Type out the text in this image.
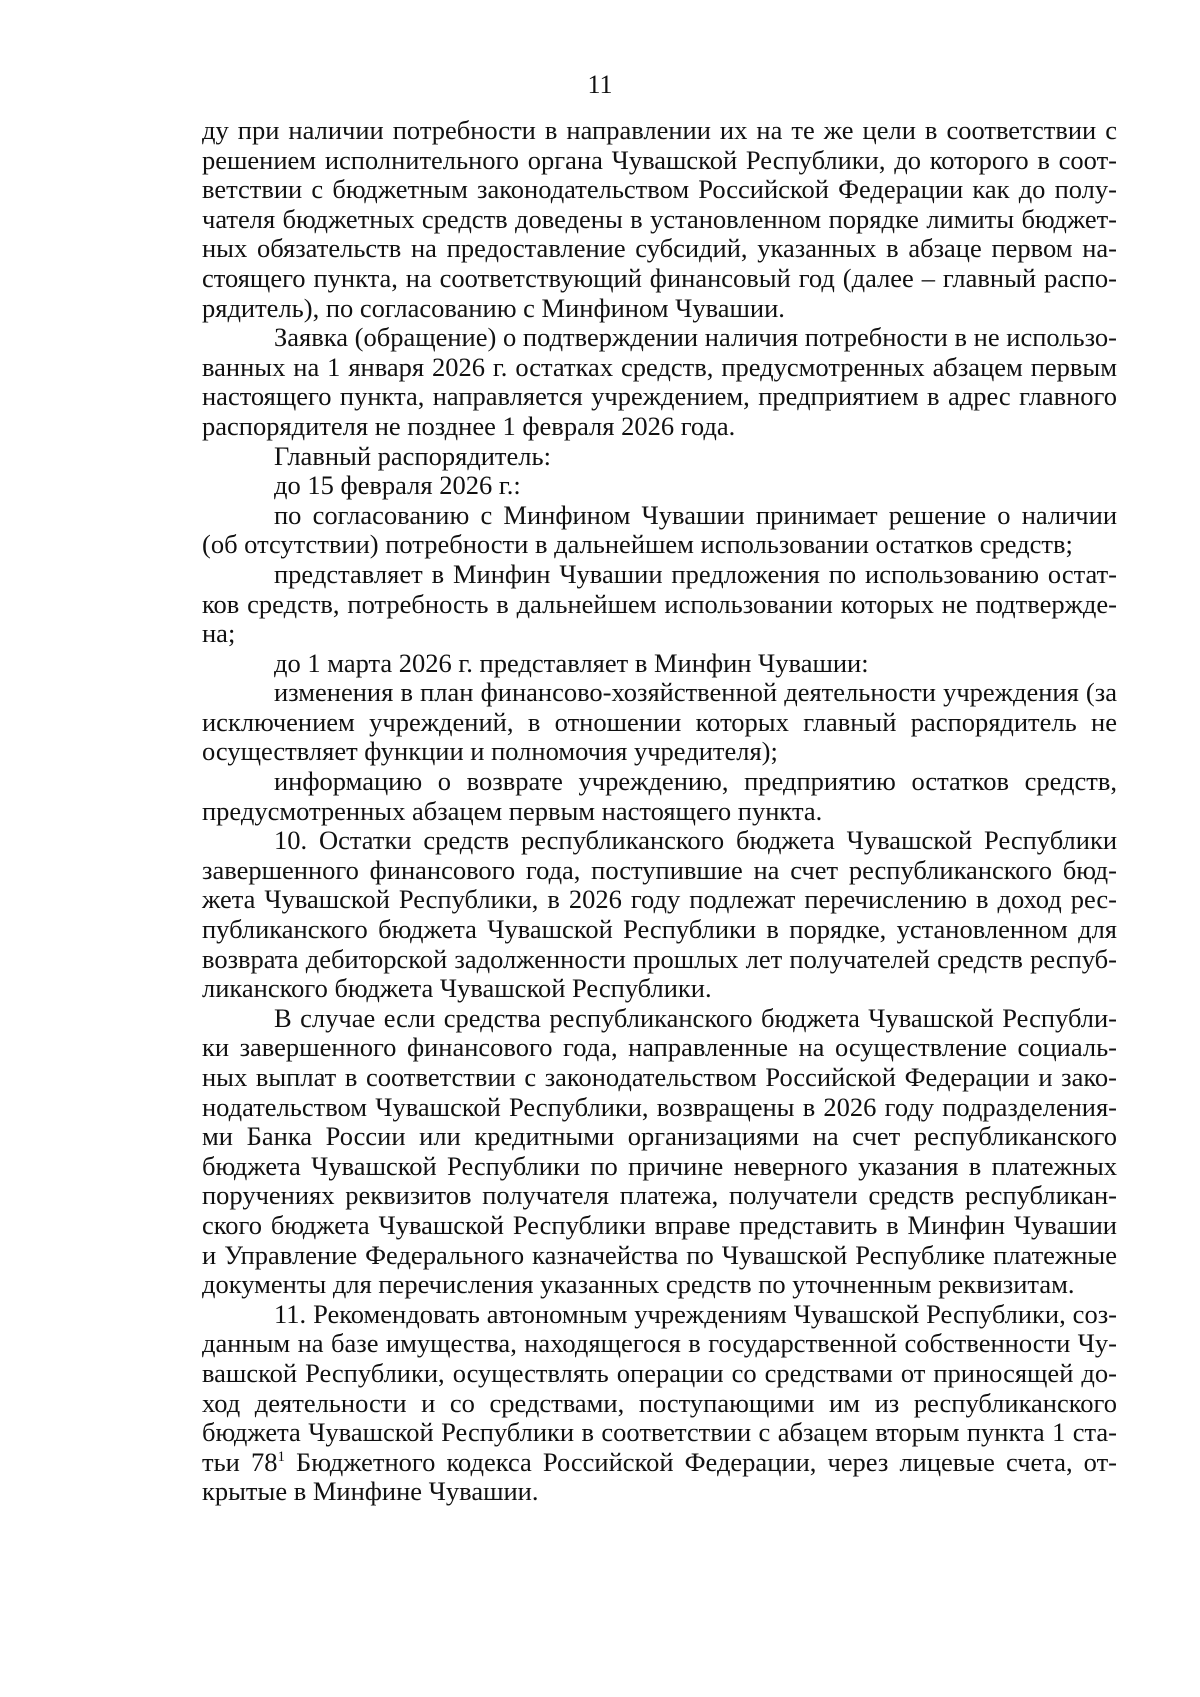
11

ду при наличии потребности в направлении их на те же цели в соответствии с решением исполнительного органа Чувашской Республики, до которого в соответствии с бюджетным законодательством Российской Федерации как до получателя бюджетных средств доведены в установленном порядке лимиты бюджетных обязательств на предоставление субсидий, указанных в абзаце первом настоящего пункта, на соответствующий финансовый год (далее – главный распорядитель), по согласованию с Минфином Чувашии.

Заявка (обращение) о подтверждении наличия потребности в не использованных на 1 января 2026 г. остатках средств, предусмотренных абзацем первым настоящего пункта, направляется учреждением, предприятием в адрес главного распорядителя не позднее 1 февраля 2026 года.

Главный распорядитель:

до 15 февраля 2026 г.:

по согласованию с Минфином Чувашии принимает решение о наличии (об отсутствии) потребности в дальнейшем использовании остатков средств;

представляет в Минфин Чувашии предложения по использованию остатков средств, потребность в дальнейшем использовании которых не подтверждена;

до 1 марта 2026 г. представляет в Минфин Чувашии:

изменения в план финансово-хозяйственной деятельности учреждения (за исключением учреждений, в отношении которых главный распорядитель не осуществляет функции и полномочия учредителя);

информацию о возврате учреждению, предприятию остатков средств, предусмотренных абзацем первым настоящего пункта.

10. Остатки средств республиканского бюджета Чувашской Республики завершенного финансового года, поступившие на счет республиканского бюджета Чувашской Республики, в 2026 году подлежат перечислению в доход республиканского бюджета Чувашской Республики в порядке, установленном для возврата дебиторской задолженности прошлых лет получателей средств республиканского бюджета Чувашской Республики.

В случае если средства республиканского бюджета Чувашской Республики завершенного финансового года, направленные на осуществление социальных выплат в соответствии с законодательством Российской Федерации и законодательством Чувашской Республики, возвращены в 2026 году подразделениями Банка России или кредитными организациями на счет республиканского бюджета Чувашской Республики по причине неверного указания в платежных поручениях реквизитов получателя платежа, получатели средств республиканского бюджета Чувашской Республики вправе представить в Минфин Чувашии и Управление Федерального казначейства по Чувашской Республике платежные документы для перечисления указанных средств по уточненным реквизитам.

11. Рекомендовать автономным учреждениям Чувашской Республики, созданным на базе имущества, находящегося в государственной собственности Чувашской Республики, осуществлять операции со средствами от приносящей доход деятельности и со средствами, поступающими им из республиканского бюджета Чувашской Республики в соответствии с абзацем вторым пункта 1 статьи $78^1$ Бюджетного кодекса Российской Федерации, через лицевые счета, открытые в Минфине Чувашии.
